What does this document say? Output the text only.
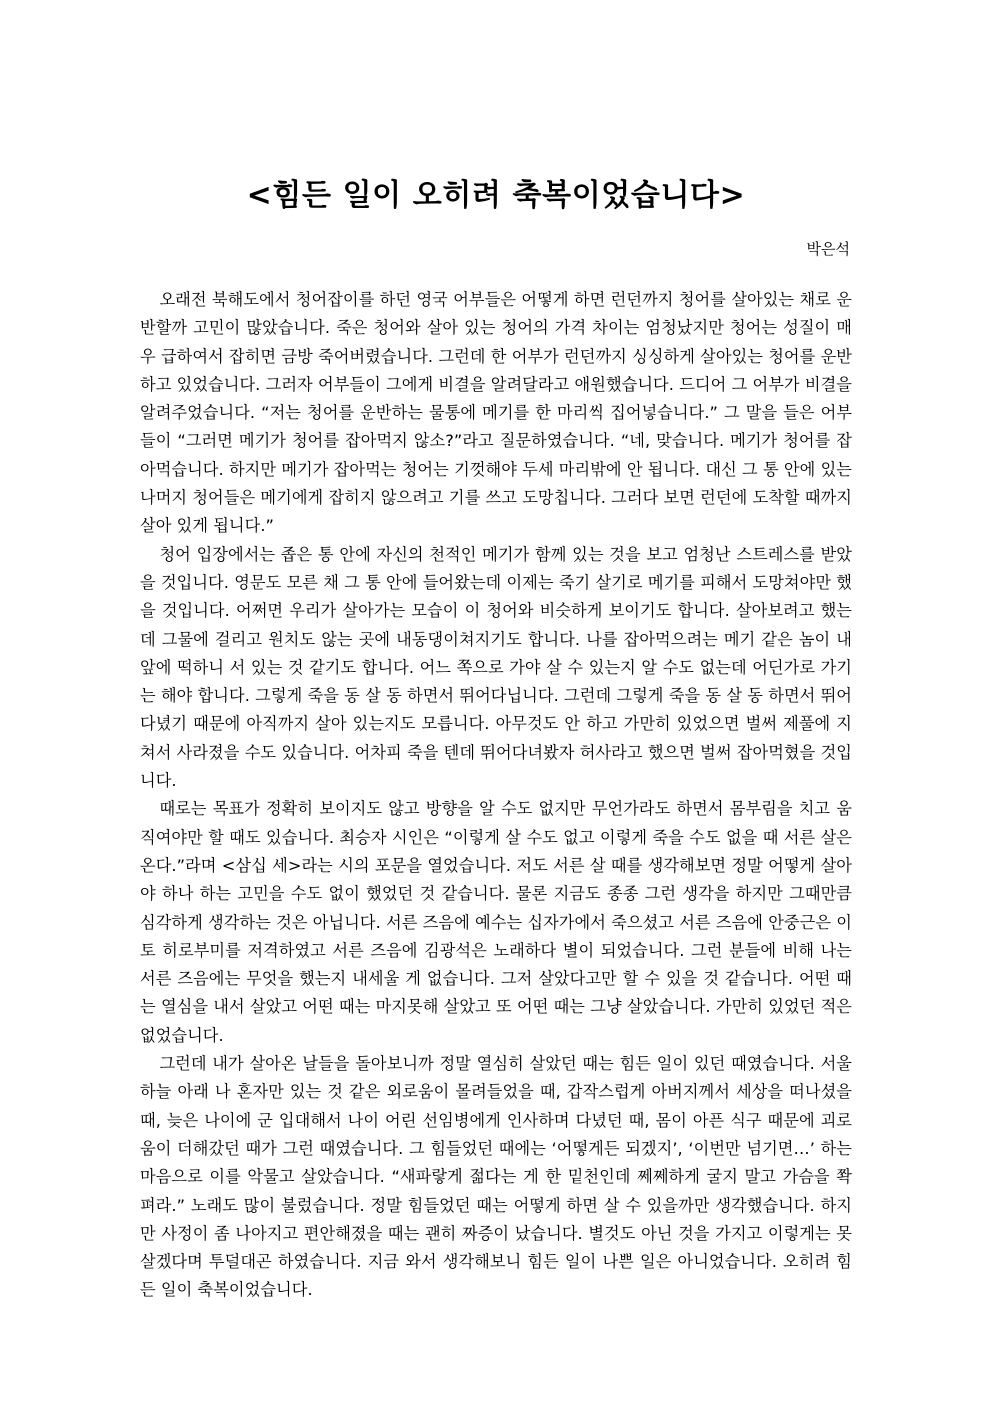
<힘든 일이 오히려 축복이었습니다>
박은석

오래전 북해도에서 청어잡이를 하던 영국 어부들은 어떻게 하면 런던까지 청어를 살아있는 채로 운반할까 고민이 많았습니다. 죽은 청어와 살아 있는 청어의 가격 차이는 엄청났지만 청어는 성질이 매우 급하여서 잡히면 금방 죽어버렸습니다. 그런데 한 어부가 런던까지 싱싱하게 살아있는 청어를 운반하고 있었습니다. 그러자 어부들이 그에게 비결을 알려달라고 애원했습니다. 드디어 그 어부가 비결을 알려주었습니다. “저는 청어를 운반하는 물통에 메기를 한 마리씩 집어넣습니다.” 그 말을 들은 어부들이 “그러면 메기가 청어를 잡아먹지 않소?”라고 질문하였습니다. “네, 맞습니다. 메기가 청어를 잡아먹습니다. 하지만 메기가 잡아먹는 청어는 기껏해야 두세 마리밖에 안 됩니다. 대신 그 통 안에 있는 나머지 청어들은 메기에게 잡히지 않으려고 기를 쓰고 도망칩니다. 그러다 보면 런던에 도착할 때까지 살아 있게 됩니다.”

청어 입장에서는 좁은 통 안에 자신의 천적인 메기가 함께 있는 것을 보고 엄청난 스트레스를 받았을 것입니다. 영문도 모른 채 그 통 안에 들어왔는데 이제는 죽기 살기로 메기를 피해서 도망쳐야만 했을 것입니다. 어쩌면 우리가 살아가는 모습이 이 청어와 비슷하게 보이기도 합니다. 살아보려고 했는데 그물에 걸리고 원치도 않는 곳에 내동댕이쳐지기도 합니다. 나를 잡아먹으려는 메기 같은 놈이 내 앞에 떡하니 서 있는 것 같기도 합니다. 어느 쪽으로 가야 살 수 있는지 알 수도 없는데 어딘가로 가기는 해야 합니다. 그렇게 죽을 동 살 동 하면서 뛰어다닙니다. 그런데 그렇게 죽을 동 살 동 하면서 뛰어다녔기 때문에 아직까지 살아 있는지도 모릅니다. 아무것도 안 하고 가만히 있었으면 벌써 제풀에 지쳐서 사라졌을 수도 있습니다. 어차피 죽을 텐데 뛰어다녀봤자 허사라고 했으면 벌써 잡아먹혔을 것입니다.

때로는 목표가 정확히 보이지도 않고 방향을 알 수도 없지만 무언가라도 하면서 몸부림을 치고 움직여야만 할 때도 있습니다. 최승자 시인은 “이렇게 살 수도 없고 이렇게 죽을 수도 없을 때 서른 살은 온다.”라며 <삼십 세>라는 시의 포문을 열었습니다. 저도 서른 살 때를 생각해보면 정말 어떻게 살아야 하나 하는 고민을 수도 없이 했었던 것 같습니다. 물론 지금도 종종 그런 생각을 하지만 그때만큼 심각하게 생각하는 것은 아닙니다. 서른 즈음에 예수는 십자가에서 죽으셨고 서른 즈음에 안중근은 이토 히로부미를 저격하였고 서른 즈음에 김광석은 노래하다 별이 되었습니다. 그런 분들에 비해 나는 서른 즈음에는 무엇을 했는지 내세울 게 없습니다. 그저 살았다고만 할 수 있을 것 같습니다. 어떤 때는 열심을 내서 살았고 어떤 때는 마지못해 살았고 또 어떤 때는 그냥 살았습니다. 가만히 있었던 적은 없었습니다.

그런데 내가 살아온 날들을 돌아보니까 정말 열심히 살았던 때는 힘든 일이 있던 때였습니다. 서울 하늘 아래 나 혼자만 있는 것 같은 외로움이 몰려들었을 때, 갑작스럽게 아버지께서 세상을 떠나셨을 때, 늦은 나이에 군 입대해서 나이 어린 선임병에게 인사하며 다녔던 때, 몸이 아픈 식구 때문에 괴로움이 더해갔던 때가 그런 때였습니다. 그 힘들었던 때에는 ‘어떻게든 되겠지’, ‘이번만 넘기면…’ 하는 마음으로 이를 악물고 살았습니다. “새파랗게 젊다는 게 한 밑천인데 쩨쩨하게 굴지 말고 가슴을 쫙 펴라.” 노래도 많이 불렀습니다. 정말 힘들었던 때는 어떻게 하면 살 수 있을까만 생각했습니다. 하지만 사정이 좀 나아지고 편안해졌을 때는 괜히 짜증이 났습니다. 별것도 아닌 것을 가지고 이렇게는 못 살겠다며 투덜대곤 하였습니다. 지금 와서 생각해보니 힘든 일이 나쁜 일은 아니었습니다. 오히려 힘든 일이 축복이었습니다.
